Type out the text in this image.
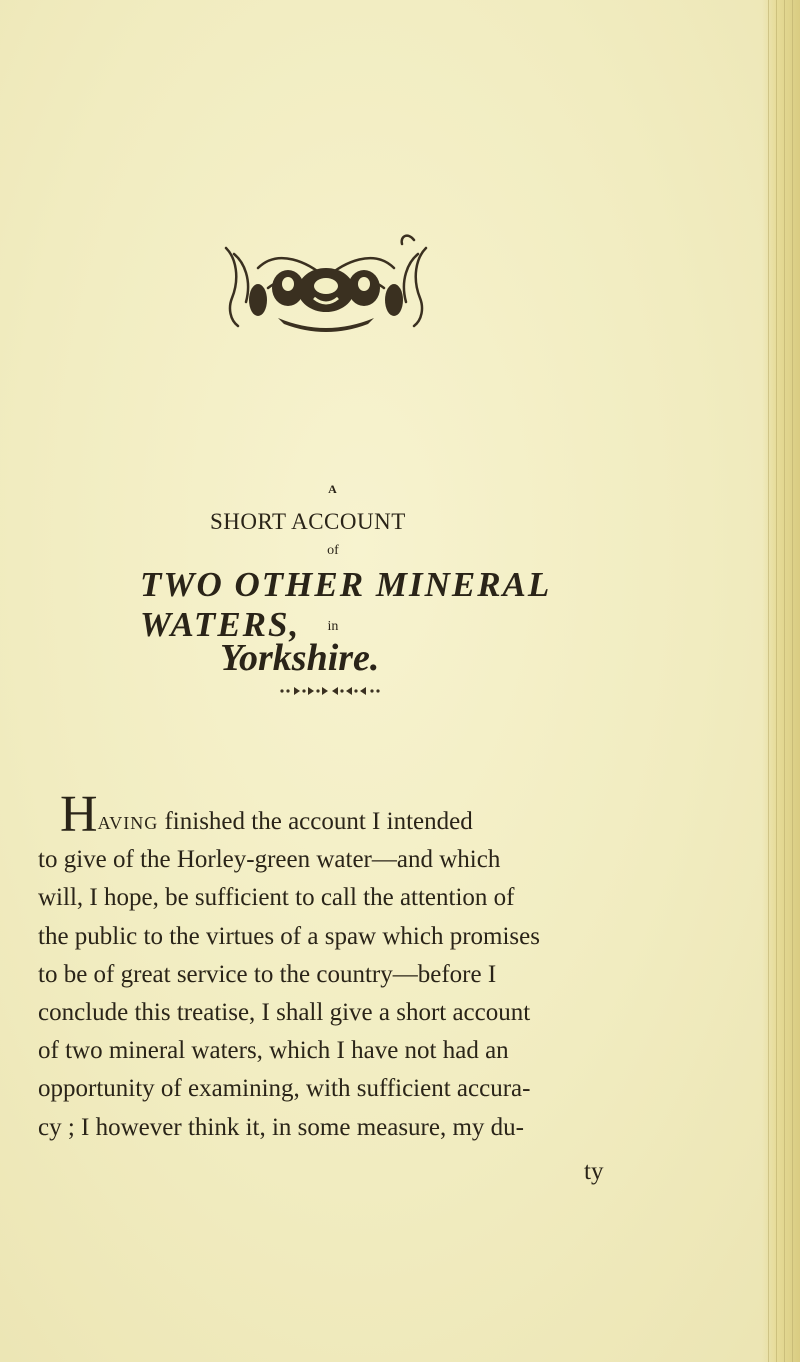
A
SHORT ACCOUNT
of
TWO OTHER MINERAL WATERS,	in
Yorkshire.
Having finished the account I intended
to give of the Horley-green water—and which
will, I hope, be sufficient to call the attention of
the public to the virtues of a spaw which promises
to be of great service to the country—before I
conclude this treatise, I shall give a short account
of two mineral waters, which I have not had an
opportunity of examining, with sufficient accura-
cy ; I however think it, in some measure, my du-
ty
